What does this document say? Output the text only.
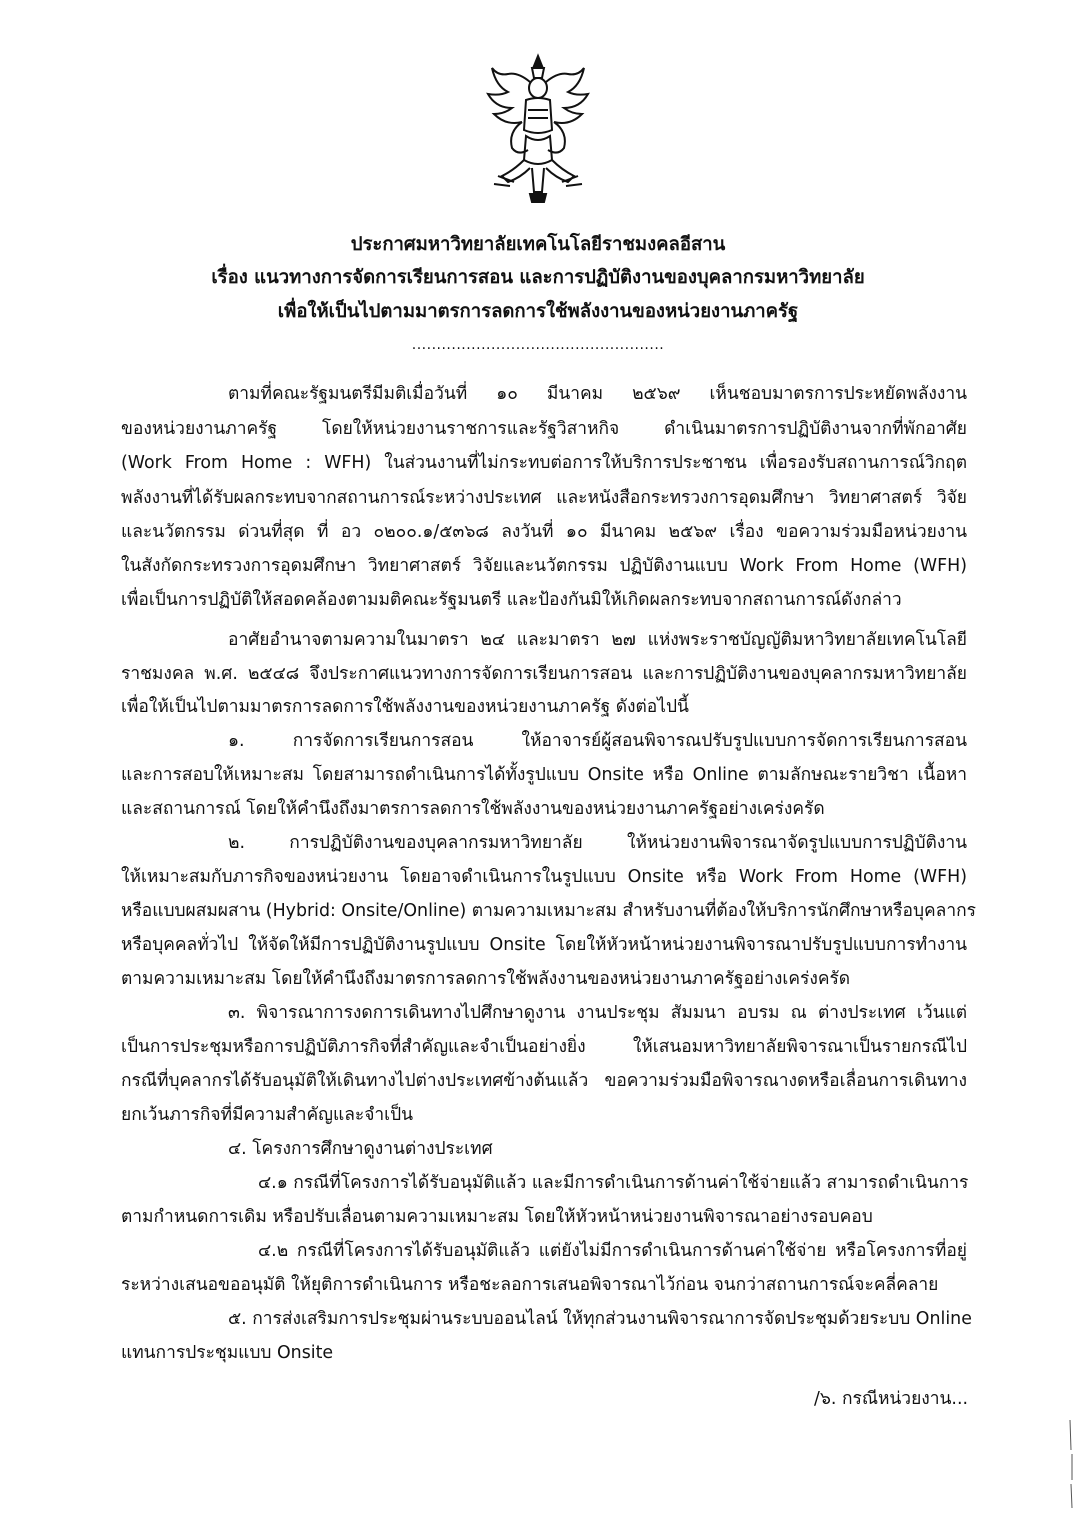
ประกาศมหาวิทยาลัยเทคโนโลยีราชมงคลอีสาน
เรื่อง แนวทางการจัดการเรียนการสอน และการปฏิบัติงานของบุคลากรมหาวิทยาลัย
เพื่อให้เป็นไปตามมาตรการลดการใช้พลังงานของหน่วยงานภาครัฐ
...................................................
ตามที่คณะรัฐมนตรีมีมติเมื่อวันที่ ๑๐ มีนาคม ๒๕๖๙ เห็นชอบมาตรการประหยัดพลังงาน
ของหน่วยงานภาครัฐ โดยให้หน่วยงานราชการและรัฐวิสาหกิจ ดำเนินมาตรการปฏิบัติงานจากที่พักอาศัย
(Work From Home : WFH) ในส่วนงานที่ไม่กระทบต่อการให้บริการประชาชน เพื่อรองรับสถานการณ์วิกฤต
พลังงานที่ได้รับผลกระทบจากสถานการณ์ระหว่างประเทศ และหนังสือกระทรวงการอุดมศึกษา วิทยาศาสตร์ วิจัย
และนวัตกรรม ด่วนที่สุด ที่ อว ๐๒๐๐.๑/๕๓๖๘ ลงวันที่ ๑๐ มีนาคม ๒๕๖๙ เรื่อง ขอความร่วมมือหน่วยงาน
ในสังกัดกระทรวงการอุดมศึกษา วิทยาศาสตร์ วิจัยและนวัตกรรม ปฏิบัติงานแบบ Work From Home (WFH)
เพื่อเป็นการปฏิบัติให้สอดคล้องตามมติคณะรัฐมนตรี และป้องกันมิให้เกิดผลกระทบจากสถานการณ์ดังกล่าว
อาศัยอำนาจตามความในมาตรา ๒๔ และมาตรา ๒๗ แห่งพระราชบัญญัติมหาวิทยาลัยเทคโนโลยี
ราชมงคล พ.ศ. ๒๕๔๘ จึงประกาศแนวทางการจัดการเรียนการสอน และการปฏิบัติงานของบุคลากรมหาวิทยาลัย
เพื่อให้เป็นไปตามมาตรการลดการใช้พลังงานของหน่วยงานภาครัฐ ดังต่อไปนี้
๑. การจัดการเรียนการสอน ให้อาจารย์ผู้สอนพิจารณปรับรูปแบบการจัดการเรียนการสอน
และการสอบให้เหมาะสม โดยสามารถดำเนินการได้ทั้งรูปแบบ Onsite หรือ Online ตามลักษณะรายวิชา เนื้อหา
และสถานการณ์ โดยให้คำนึงถึงมาตรการลดการใช้พลังงานของหน่วยงานภาครัฐอย่างเคร่งครัด
๒. การปฏิบัติงานของบุคลากรมหาวิทยาลัย ให้หน่วยงานพิจารณาจัดรูปแบบการปฏิบัติงาน
ให้เหมาะสมกับภารกิจของหน่วยงาน โดยอาจดำเนินการในรูปแบบ Onsite หรือ Work From Home (WFH)
หรือแบบผสมผสาน (Hybrid: Onsite/Online) ตามความเหมาะสม สำหรับงานที่ต้องให้บริการนักศึกษาหรือบุคลากร
หรือบุคคลทั่วไป ให้จัดให้มีการปฏิบัติงานรูปแบบ Onsite โดยให้หัวหน้าหน่วยงานพิจารณาปรับรูปแบบการทำงาน
ตามความเหมาะสม โดยให้คำนึงถึงมาตรการลดการใช้พลังงานของหน่วยงานภาครัฐอย่างเคร่งครัด
๓. พิจารณาการงดการเดินทางไปศึกษาดูงาน งานประชุม สัมมนา อบรม ณ ต่างประเทศ เว้นแต่
เป็นการประชุมหรือการปฏิบัติภารกิจที่สำคัญและจำเป็นอย่างยิ่ง ให้เสนอมหาวิทยาลัยพิจารณาเป็นรายกรณีไป
กรณีที่บุคลากรได้รับอนุมัติให้เดินทางไปต่างประเทศข้างต้นแล้ว ขอความร่วมมือพิจารณางดหรือเลื่อนการเดินทาง
ยกเว้นภารกิจที่มีความสำคัญและจำเป็น
๔. โครงการศึกษาดูงานต่างประเทศ
๔.๑ กรณีที่โครงการได้รับอนุมัติแล้ว และมีการดำเนินการด้านค่าใช้จ่ายแล้ว สามารถดำเนินการ
ตามกำหนดการเดิม หรือปรับเลื่อนตามความเหมาะสม โดยให้หัวหน้าหน่วยงานพิจารณาอย่างรอบคอบ
๔.๒ กรณีที่โครงการได้รับอนุมัติแล้ว แต่ยังไม่มีการดำเนินการด้านค่าใช้จ่าย หรือโครงการที่อยู่
ระหว่างเสนอขออนุมัติ ให้ยุติการดำเนินการ หรือชะลอการเสนอพิจารณาไว้ก่อน จนกว่าสถานการณ์จะคลี่คลาย
๕. การส่งเสริมการประชุมผ่านระบบออนไลน์ ให้ทุกส่วนงานพิจารณาการจัดประชุมด้วยระบบ Online
แทนการประชุมแบบ Onsite
/๖. กรณีหน่วยงาน...
